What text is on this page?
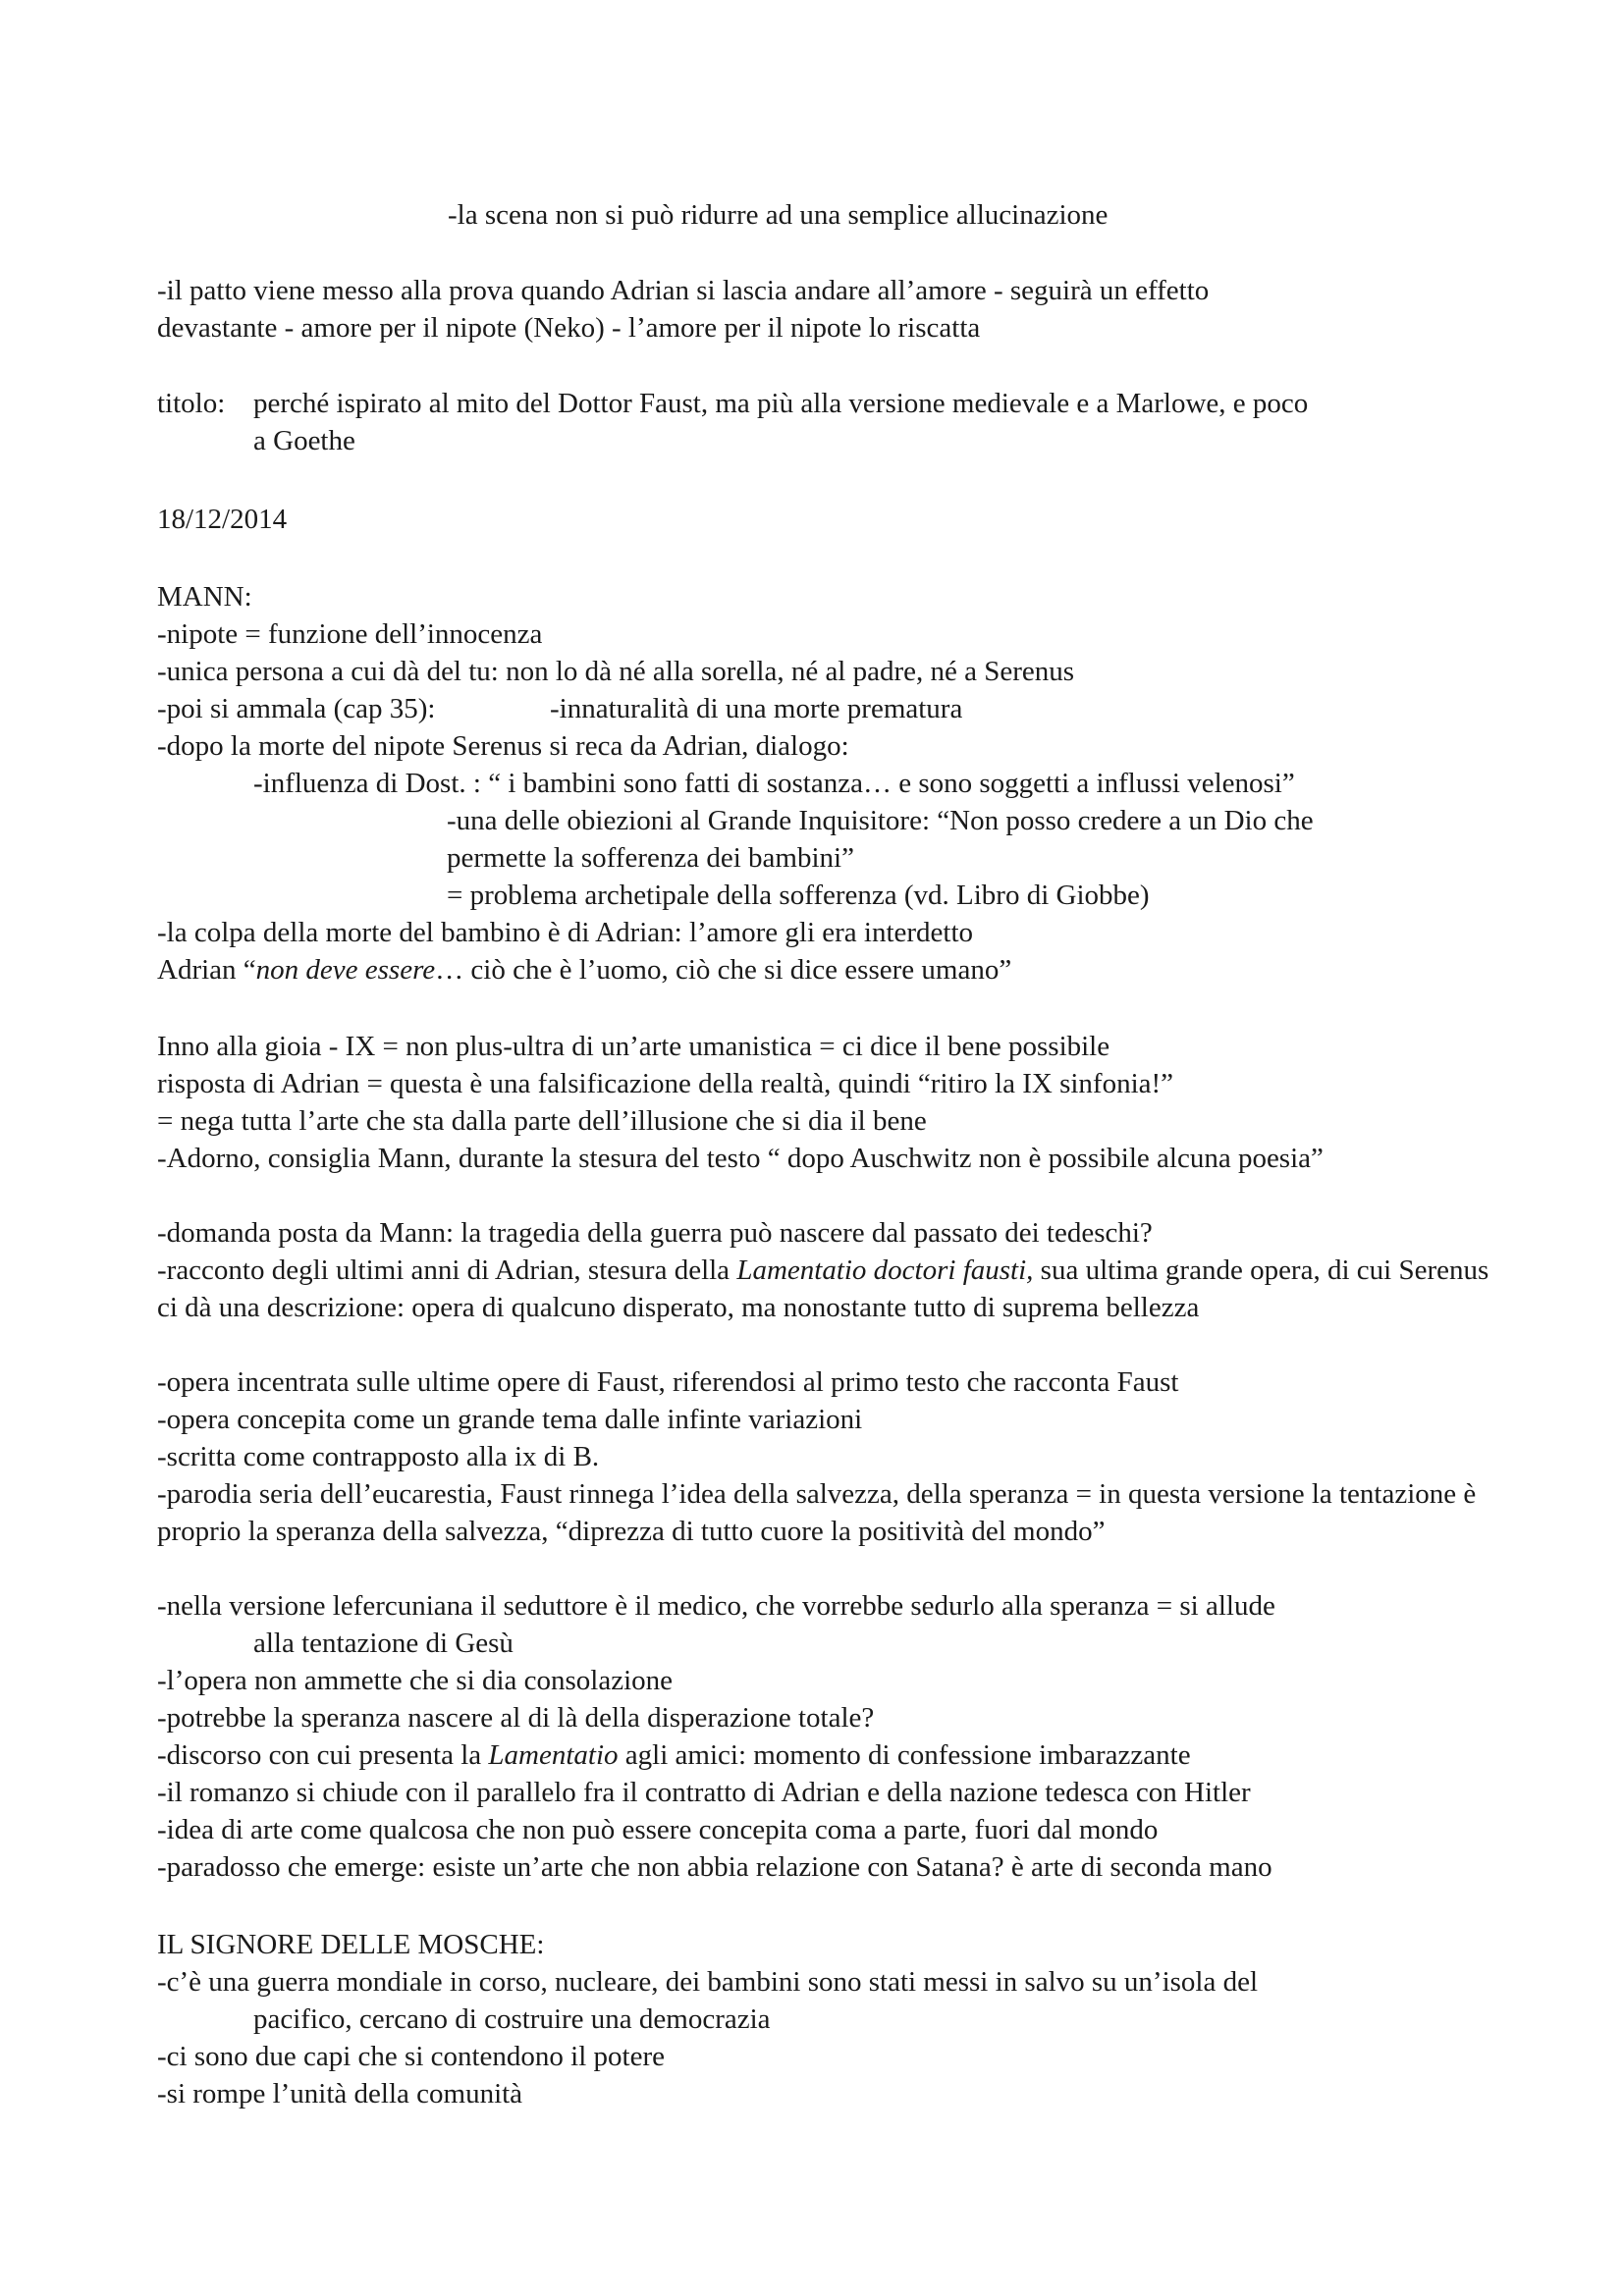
-la scena non si può ridurre ad una semplice allucinazione
-il patto viene messo alla prova quando Adrian si lascia andare all’amore - seguirà un effetto
devastante - amore per il nipote (Neko) - l’amore per il nipote lo riscatta
titolo: perché ispirato al mito del Dottor Faust, ma più alla versione medievale e a Marlowe, e poco
a Goethe
18/12/2014
MANN:
-nipote = funzione dell’innocenza
-unica persona a cui dà del tu: non lo dà né alla sorella, né al padre, né a Serenus
-poi si ammala (cap 35):	-innaturalità di una morte prematura
-dopo la morte del nipote Serenus si reca da Adrian, dialogo:
-influenza di Dost. : “ i bambini sono fatti di sostanza… e sono soggetti a influssi velenosi”
-una delle obiezioni al Grande Inquisitore: “Non posso credere a un Dio che
permette la sofferenza dei bambini”
= problema archetipale della sofferenza (vd. Libro di Giobbe)
-la colpa della morte del bambino è di Adrian: l’amore gli era interdetto
Adrian “non deve essere… ciò che è l’uomo, ciò che si dice essere umano”
Inno alla gioia - IX = non plus-ultra di un’arte umanistica = ci dice il bene possibile
risposta di Adrian = questa è una falsificazione della realtà, quindi “ritiro la IX sinfonia!”
= nega tutta l’arte che sta dalla parte dell’illusione che si dia il bene
-Adorno, consiglia Mann, durante la stesura del testo “ dopo Auschwitz non è possibile alcuna poesia”
-domanda posta da Mann: la tragedia della guerra può nascere dal passato dei tedeschi?
-racconto degli ultimi anni di Adrian, stesura della Lamentatio doctori fausti, sua ultima grande opera, di cui Serenus ci dà una descrizione: opera di qualcuno disperato, ma nonostante tutto di suprema bellezza
-opera incentrata sulle ultime opere di Faust, riferendosi al primo testo che racconta Faust
-opera concepita come un grande tema dalle infinte variazioni
-scritta come contrapposto alla ix di B.
-parodia seria dell’eucarestia, Faust rinnega l’idea della salvezza, della speranza = in questa versione la tentazione è proprio la speranza della salvezza, “diprezza di tutto cuore la positività del mondo”
-nella versione lefercuniana il seduttore è il medico, che vorrebbe sedurlo alla speranza = si allude
alla tentazione di Gesù
-l’opera non ammette che si dia consolazione
-potrebbe la speranza nascere al di là della disperazione totale?
-discorso con cui presenta la Lamentatio agli amici: momento di confessione imbarazzante
-il romanzo si chiude con il parallelo fra il contratto di Adrian e della nazione tedesca con Hitler
-idea di arte come qualcosa che non può essere concepita coma a parte, fuori dal mondo
-paradosso che emerge: esiste un’arte che non abbia relazione con Satana? è arte di seconda mano
IL SIGNORE DELLE MOSCHE:
-c’è una guerra mondiale in corso, nucleare, dei bambini sono stati messi in salvo su un’isola del
pacifico, cercano di costruire una democrazia
-ci sono due capi che si contendono il potere
-si rompe l’unità della comunità
